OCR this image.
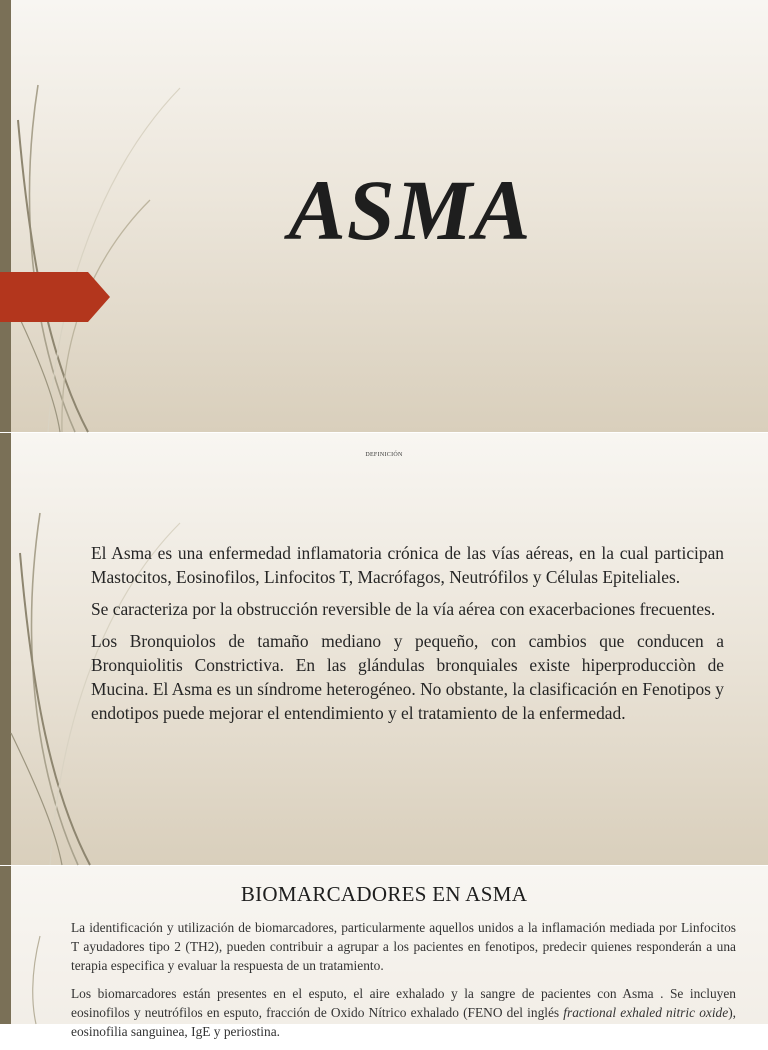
ASMA
DEFINICIÓN

El Asma es una enfermedad inflamatoria crónica de las vías aéreas, en la cual participan Mastocitos, Eosinofilos, Linfocitos T, Macrófagos, Neutrófilos y Células Epiteliales.

Se caracteriza por la obstrucción reversible de la vía aérea con exacerbaciones frecuentes.

Los Bronquiolos de tamaño mediano y pequeño, con cambios que conducen a Bronquiolitis Constrictiva. En las glándulas bronquiales existe hiperproducciòn de Mucina. El Asma es un síndrome heterogéneo. No obstante, la clasificación en Fenotipos y endotipos puede mejorar el entendimiento y el tratamiento de la enfermedad.

BIOMARCADORES EN ASMA

La identificación y utilización de biomarcadores, particularmente aquellos unidos a la inflamación mediada por Linfocitos T ayudadores tipo 2 (TH2), pueden contribuir a agrupar a los pacientes en fenotipos, predecir quienes responderán a una terapia especifica y evaluar la respuesta de un tratamiento.

Los biomarcadores están presentes en el esputo, el aire exhalado y la sangre de pacientes con Asma . Se incluyen eosinofilos y neutrófilos en esputo, fracción de Oxido Nítrico exhalado (FENO del inglés fractional exhaled nitric oxide), eosinofilia sanguinea, IgE y periostina.
